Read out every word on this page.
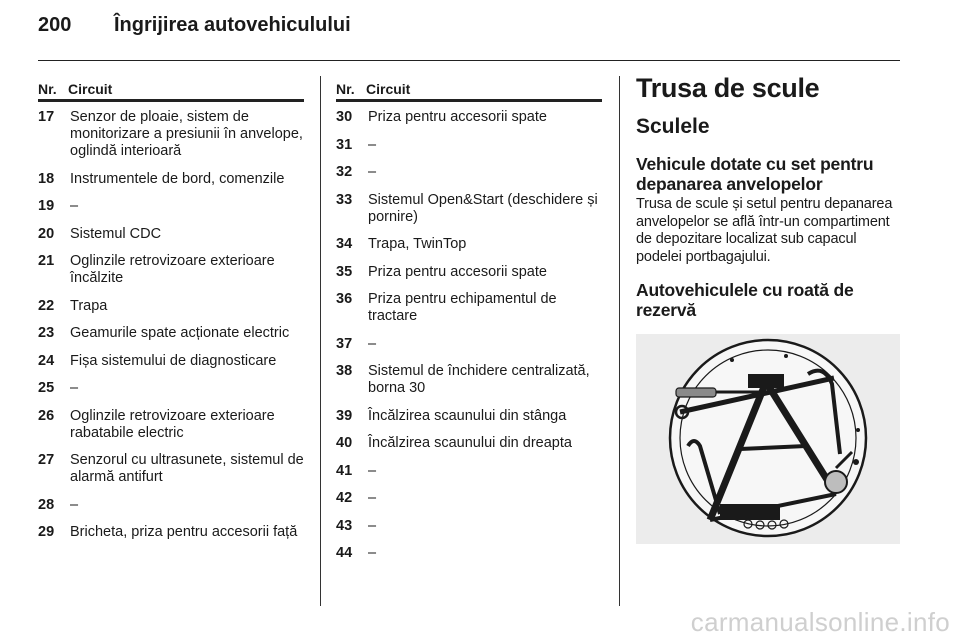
200	Îngrijirea autovehiculului
Nr. Circuit
17	Senzor de ploaie, sistem de monitorizare a presiunii în anvelope, oglindă interioară
18	Instrumentele de bord, comenzile
19	–
20	Sistemul CDC
21	Oglinzile retrovizoare exterioare încălzite
22	Trapa
23	Geamurile spate acționate electric
24	Fișa sistemului de diagnosticare
25	–
26	Oglinzile retrovizoare exterioare rabatabile electric
27	Senzorul cu ultrasunete, sistemul de alarmă antifurt
28	–
29	Bricheta, priza pentru accesorii față
Nr. Circuit
30	Priza pentru accesorii spate
31	–
32	–
33	Sistemul Open&Start (deschidere și pornire)
34	Trapa, TwinTop
35	Priza pentru accesorii spate
36	Priza pentru echipamentul de tractare
37	–
38	Sistemul de închidere centralizată, borna 30
39	Încălzirea scaunului din stânga
40	Încălzirea scaunului din dreapta
41	–
42	–
43	–
44	–
Trusa de scule
Sculele
Vehicule dotate cu set pentru depanarea anvelopelor
Trusa de scule și setul pentru depanarea anvelopelor se află într-un compartiment de depozitare localizat sub capacul podelei portbagajului.
Autovehiculele cu roată de rezervă
carmanualsonline.info
